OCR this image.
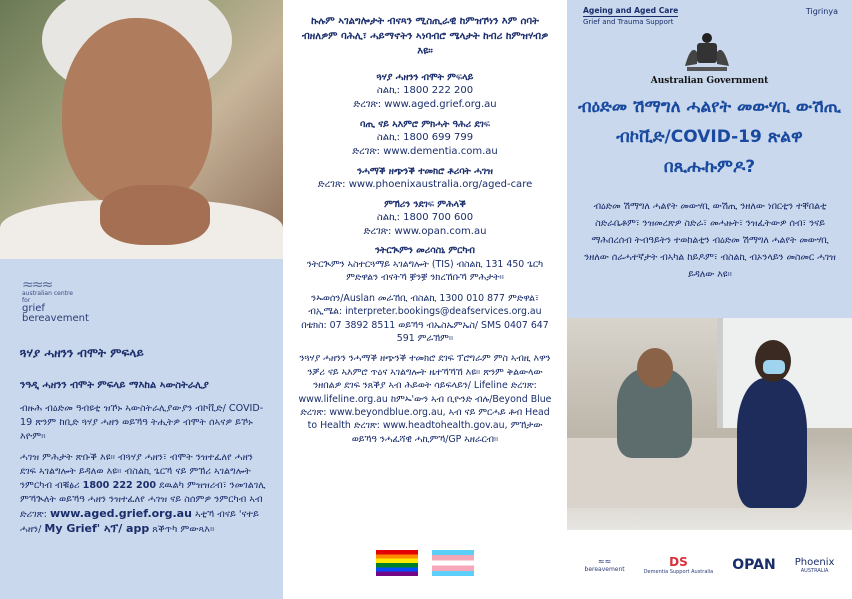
≈≈≈
australian centre
for
grief
bereavement
ጓሃያ ሓዘንን ብሞት ምፍላይ
ንዓዲ ሓዘንን ብሞት ምፍላይ ማእከል ኣውስትራሊያ

ብዙሕ ብዕድመ ዓብዩቲ ዝኾኑ ኣውስትራሊያውያን ብኮቪድ/ COVID-19 ጽንም ከቢድ ጓሃያ ሓዘን ወይኻዓ ትሒትዎ ብሞት ሰኣናዎ ይኾኑ እዮም።

ሓገዝ ምሕታት ጽቡቕ እዩ። ብጓሃያ ሓዘን፣ ብሞት ንዝተፈለየ ሓዘን ደገፍ ኣገልግሎት ይዳለወ እዩ። ብስልኪ ጌርኻ ናይ ምኽሪ ኣገልግሎት ንምርካብ ብቑፅሪ 1800 222 200 ደዉልካ ምዝዝሪብ፣ ንመገልገሊ ምኻጒለት ወይኻዓ ሓዘን ንዝተፈለየ ሓገዝ ናይ ስሰምዎ ንምርካብ ኣብ ድሪገጽ: www.aged.grief.org.au ኣቲኻ ብናይ 'ናተይ ሓዘን/ My Grief' ኣፕ/ app ጸቕጥካ ምውጻእ።

ኩሉም ኣገልግሎታት ብናጻን ሚስጢራዊ ከምዝኾነን እም ሰባት ብዘለዎም ባሕሊ፣ ሓይማኖትን ኣነባብሮ ሜላታት ከብሪ ከምዝሃብዎ እዩ።
ጓሃያ ሓዘንን ብሞት ምፍላይ
ስልኪ: 1800 222 200
ድረገጽ: www.aged.grief.org.au
ባጢ ናይ ኣእምሮ ምክሓት ዓሕሪ ደገፍ
ስልኪ: 1800 699 799
ድረገጽ: www.dementia.com.au
ንሓማቕ ዘጭንቕ ተመክሮ ቶሪባት ሓገዝ
ድረገጽ: www.phoenixaustralia.org/aged-care
ምኽሪን ንደገፍ ምሕላቕ
ስልኪ: 1800 700 600
ድረገጽ: www.opan.com.au
ንትርጒምን መሪሳስኒ ምርካብ
ንትርጒምን ኣስተርጓማይ ኣገልግሎት (TIS) ብስልኪ 131 450 ጌርካ ምድዋልን ብናትኻ ቛንቛ ንክረኸቡኻ ምሕታት።
ንኡወሰን/Auslan መራኸቢ ብስልኪ 1300 010 877 ምድዋል፣ ብኢሜል: interpreter.bookings@deafservices.org.au በቴክስ: 07 3892 8511 ወይኻዓ ብኤስኤምኤስ/ SMS 0407 647 591 ምራኽም።
ንጓሃያ ሓዘንን ንሓማቕ ዘጭንቕ ተመክሮ ደገፍ ፕሮግራም ምስ ኣብዚ እዋን ንቓሪ ናይ ኣእምሮ ጥዕና ኣገልግሎት ዜተኻኻኸ እዩ። ጽንም ቅልውላው ንዘበልዎ ደገፍ ንጸቕያ ኣብ ሕይወት ሳይፍላይን/ Lifeline ድረገጽ: www.lifeline.org.au ከምኡ'ውን ኣብ ቢዮንድ ብሉ/Beyond Blue ድረገጽ: www.beyondblue.org.au, ኣብ ናይ ምርሓይ ቶብ Head to Health ድረገጽ: www.headtohealth.gov.au, ምኸታው ወይኻዓ ንሓፈሻዊ ሓኪምኻ/GP ኣዘራርብ።
Ageing and Aged Care
Grief and Trauma Support
Tigrinya
Australian Government
ብዕድመ ሽማግለ ሓልየት መውሃቢ ውሽጢ ብኮቪድ/COVID-19 ጽልዋ በጺሑኩምዶ?
ብዕድመ ሽማግለ ሓልየት መውሃቢ ውሽጢ ንዘለው ነበርቲን ተቐበልቲ ስድራቤቶም፣ ንዝመረጽዎ ስድራ፣ መሓዙት፣ ንዝፈትውዎ ሰብ፣ ንናይ ማሕበረሰብ ትብዓይትን ተወከልቲን ብዕድመ ሽማግለ ሓልየት መውሃቢ ንዘለው ሰራሓተኛታት ብኣካል ከይዶም፣ ብስልኪ ብኦንላይን መስመር ሓገዝ ይዳለው እዩ።
≈≈
bereavement
DS
Dementia Support Australia OPAN Phoenix
AUSTRALIA
